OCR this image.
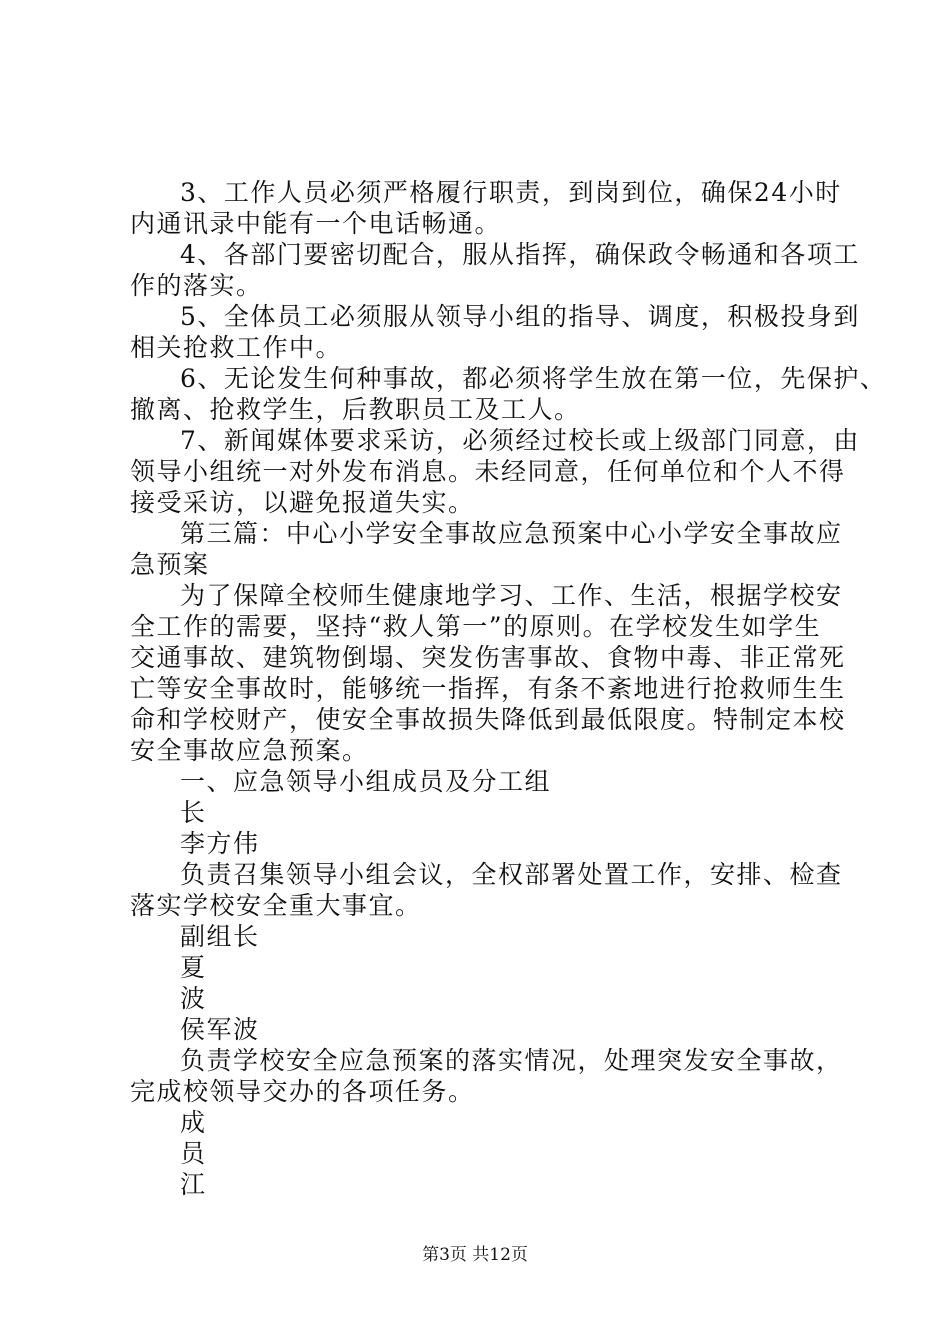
3、工作人员必须严格履行职责，到岗到位，确保24小时
内通讯录中能有一个电话畅通。
4、各部门要密切配合，服从指挥，确保政令畅通和各项工
作的落实。
5、全体员工必须服从领导小组的指导、调度，积极投身到
相关抢救工作中。
6、无论发生何种事故，都必须将学生放在第一位，先保护、
撤离、抢救学生，后教职员工及工人。
7、新闻媒体要求采访，必须经过校长或上级部门同意，由
领导小组统一对外发布消息。未经同意，任何单位和个人不得
接受采访，以避免报道失实。
第三篇：中心小学安全事故应急预案中心小学安全事故应
急预案
为了保障全校师生健康地学习、工作、生活，根据学校安
全工作的需要，坚持“救人第一”的原则。在学校发生如学生
交通事故、建筑物倒塌、突发伤害事故、食物中毒、非正常死
亡等安全事故时，能够统一指挥，有条不紊地进行抢救师生生
命和学校财产，使安全事故损失降低到最低限度。特制定本校
安全事故应急预案。
一、应急领导小组成员及分工组
长
李方伟
负责召集领导小组会议，全权部署处置工作，安排、检查
落实学校安全重大事宜。
副组长
夏
波
侯军波
负责学校安全应急预案的落实情况，处理突发安全事故，
完成校领导交办的各项任务。
成
员
江
第3页 共12页
